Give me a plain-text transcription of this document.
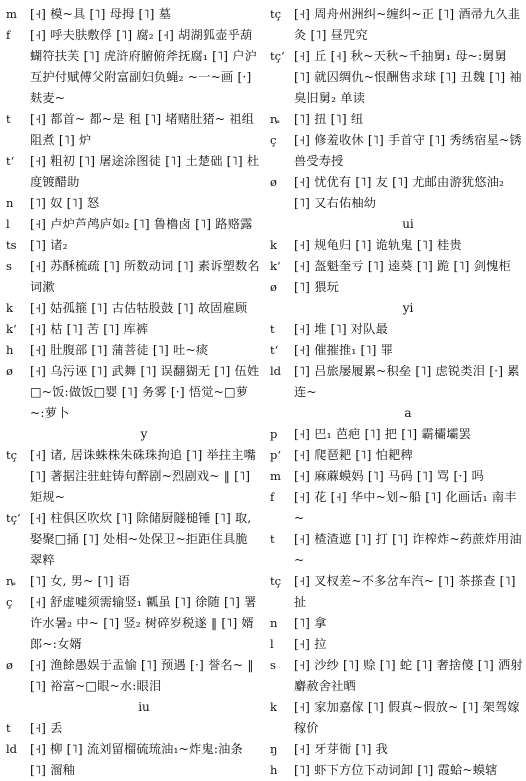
m	[˧] 模~具 [˥] 母拇 [˥] 墓
f	[˧] 呼夫肤敷俘 [˥] 腐₂ [˧] 胡湖狐壶乎葫蝴符扶芙 [˥] 虎浒府腑俯斧抚腐₁ [˥] 户沪互护付赋傅父附富副妇负蝇₂ ~一~画 [·] 麸麦~
t	[˧] 都首~ 都~是 租 [˥] 堵赌肚猪~ 祖组阻煮 [˥] 炉
t‘	[˧] 粗初 [˥] 屠途涂图徒 [˥] 土楚础 [˥] 杜度镀醋助
n	[˥] 奴 [˥] 怒
l	[˧] 卢炉芦鸬庐如₂ [˥] 鲁橹卤 [˥] 路赂露
ts	[˥] 诸₂
s	[˧] 苏酥梳疏 [˥] 所数动词 [˥] 素诉塑数名词漱
k	[˧] 姑孤箍 [˥] 古估牯股鼓 [˥] 故固雇顾
k‘	[˧] 枯 [˥] 苦 [˥] 库裤
h	[˧] 肚腹部 [˥] 蒲菩徒 [˥] 吐~痰
ø	[˧] 乌污诬 [˥] 武舞 [˥] 误翻猢无 [˥] 伍姓□~饭:做饭□婴 [˥] 务雾 [·] 悟觉~□萝~:萝卜
y
tç	[˧] 诸, 居诛蛛株朱硃珠拘追 [˥] 举拄主嘴 [˥] 著据注驻蛀铸句醉剧~烈剧戏~ ‖ [˥] 矩规~
tç‘ [˧] 柱俱区吹炊 [˥] 除储厨隧槌锤 [˥] 取, 娶聚□捅 [˥] 处相~处保卫~拒距住具脆翠粹
ȵ	[˥] 女, 男~ [˥] 语
ç	[˧] 舒虚嘘须需输竖₁ 瓤虽 [˥] 徐随 [˥] 署许水暑₂ 中~ [˥] 竖₂ 树碎岁税遂 ‖ [˥] 婿郎~:女婿
ø	[˧] 渔餘愚娱于盂愉 [˥] 预遇 [·] 誉名~ ‖ [˥] 裕富~□眼~水:眼泪
iu
t	[˧] 丢
ld	[˧] 柳 [˥] 流刘留榴硫琉油₁~炸鬼:油条 [˥] 溜釉
tç	[˧] 周舟州洲纠~缠纠~正 [˥] 酒帚九久韭灸 [˥] 昼咒究
tç‘ [˧] 丘 [˧] 秋~天秋~千抽舅₁ 母~:舅舅 [˥] 就囚绸仇~恨酬售求球 [˥] 丑魏 [˥] 袖臭旧舅₂ 单读
ȵ	[˥] 扭 [˥] 纽
ç	[˧] 修羞收休 [˥] 手首守 [˥] 秀绣宿星~锈兽受寿授
ø	[˧] 忧优有 [˥] 友 [˥] 尤邮由游犹悠油₂ [˥] 又右佑柚幼
ui
k	[˧] 规龟归 [˥] 诡轨鬼 [˥] 桂贵
k‘	[˧] 盔魁奎亏 [˥] 逵葵 [˥] 跪 [˥] 剑愧柜
ø	[˥] 猥玩
yi
t	[˧] 堆 [˥] 对队最
t‘	[˧] 催摧推₁ [˥] 罪
ld	[˥] 吕旅屡履累~积垒 [˥] 虑锐类泪 [·] 累连~
a
p	[˧] 巴₁ 芭疤 [˥] 把 [˥] 霸欛壩罢
p‘	[˧] 爬琶耙 [˥] 怕耙稗
m	[˧] 麻蔴蟆妈 [˥] 马码 [˥] 骂 [·] 吗
f	[˧] 花 [˧] 华中~划~船 [˥] 化画话₁ 南丰~
t	[˧] 楂渣遮 [˥] 打 [˥] 诈榨炸~药蔗炸用油~
tç	[˧] 叉杈差~不多岔车汽~ [˥] 茶搽查 [˥] 扯
n	[˥] 拿
l	[˧] 拉
s	[˧] 沙纱 [˥] 赊 [˥] 蛇 [˥] 奢捨傻 [˥] 洒射麝赦舍社晒
k	[˧] 家加嘉傢 [˥] 假真~假放~ [˥] 架驾嫁稼价
ŋ	[˧] 牙芽衙 [˥] 我
h	[˥] 虾下方位下动词卸 [˥] 霞蛤~蟆辖
